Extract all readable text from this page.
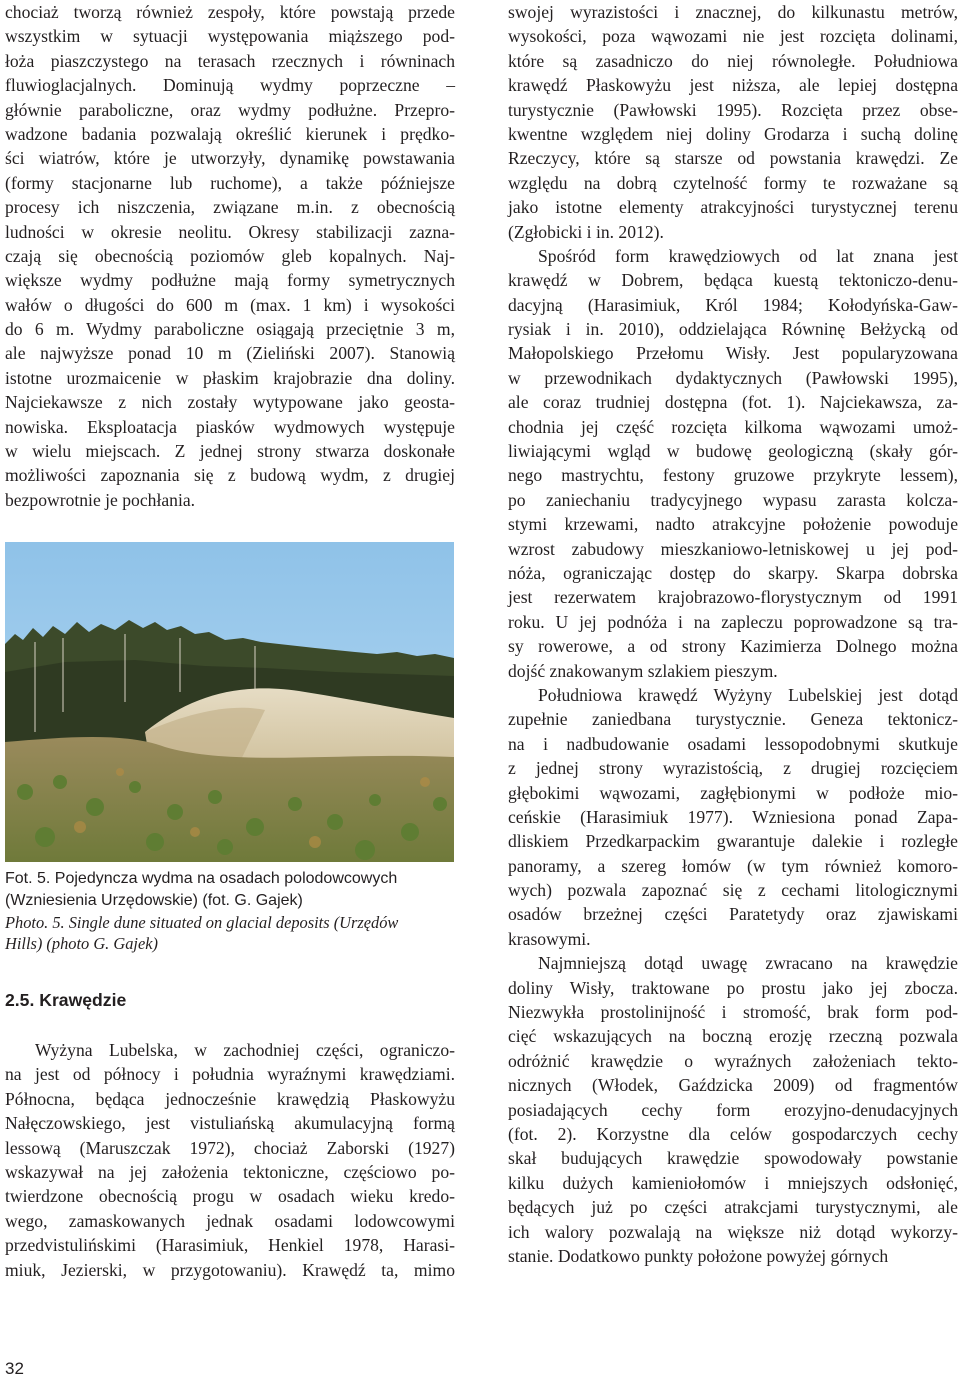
chociaż tworzą również zespoły, które powstają przede
wszystkim w sytuacji występowania miąższego pod-
łoża piaszczystego na terasach rzecznych i równinach
fluwioglacjalnych. Dominują wydmy poprzeczne –
głównie paraboliczne, oraz wydmy podłużne. Przepro-
wadzone badania pozwalają określić kierunek i prędko-
ści wiatrów, które je utworzyły, dynamikę powstawania
(formy stacjonarne lub ruchome), a także późniejsze
procesy ich niszczenia, związane m.in. z obecnością
ludności w okresie neolitu. Okresy stabilizacji zazna-
czają się obecnością poziomów gleb kopalnych. Naj-
większe wydmy podłużne mają formy symetrycznych
wałów o długości do 600 m (max. 1 km) i wysokości
do 6 m. Wydmy paraboliczne osiągają przeciętnie 3 m,
ale najwyższe ponad 10 m (Zieliński 2007). Stanowią
istotne urozmaicenie w płaskim krajobrazie dna doliny.
Najciekawsze z nich zostały wytypowane jako geosta-
nowiska. Eksploatacja piasków wydmowych występuje
w wielu miejscach. Z jednej strony stwarza doskonałe
możliwości zapoznania się z budową wydm, z drugiej
bezpowrotnie je pochłania.
Fot. 5. Pojedyncza wydma na osadach polodowcowych
(Wzniesienia Urzędowskie) (fot. G. Gajek)
Photo. 5. Single dune situated on glacial deposits (Urzędów
Hills) (photo G. Gajek)
2.5. Krawędzie
Wyżyna Lubelska, w zachodniej części, ograniczo-
na jest od północy i południa wyraźnymi krawędziami.
Północna, będąca jednocześnie krawędzią Płaskowyżu
Nałęczowskiego, jest vistuliańską akumulacyjną formą
lessową (Maruszczak 1972), chociaż Zaborski (1927)
wskazywał na jej założenia tektoniczne, częściowo po-
twierdzone obecnością progu w osadach wieku kredo-
wego, zamaskowanych jednak osadami lodowcowymi
przedvistulińskimi (Harasimiuk, Henkiel 1978, Harasi-
miuk, Jezierski, w przygotowaniu). Krawędź ta, mimo
swojej wyrazistości i znacznej, do kilkunastu metrów,
wysokości, poza wąwozami nie jest rozcięta dolinami,
które są zasadniczo do niej równoległe. Południowa
krawędź Płaskowyżu jest niższa, ale lepiej dostępna
turystycznie (Pawłowski 1995). Rozcięta przez obse-
kwentne względem niej doliny Grodarza i suchą dolinę
Rzeczycy, które są starsze od powstania krawędzi. Ze
względu na dobrą czytelność formy te rozważane są
jako istotne elementy atrakcyjności turystycznej terenu
(Zgłobicki i in. 2012).
Spośród form krawędziowych od lat znana jest
krawędź w Dobrem, będąca kuestą tektoniczo-denu-
dacyjną (Harasimiuk, Król 1984; Kołodyńska-Gaw-
rysiak i in. 2010), oddzielająca Równinę Bełżycką od
Małopolskiego Przełomu Wisły. Jest popularyzowana
w przewodnikach dydaktycznych (Pawłowski 1995),
ale coraz trudniej dostępna (fot. 1). Najciekawsza, za-
chodnia jej część rozcięta kilkoma wąwozami umoż-
liwiającymi wgląd w budowę geologiczną (skały gór-
nego mastrychtu, festony gruzowe przykryte lessem),
po zaniechaniu tradycyjnego wypasu zarasta kolcza-
stymi krzewami, nadto atrakcyjne położenie powoduje
wzrost zabudowy mieszkaniowo-letniskowej u jej pod-
nóża, ograniczając dostęp do skarpy. Skarpa dobrska
jest rezerwatem krajobrazowo-florystycznym od 1991
roku. U jej podnóża i na zapleczu poprowadzone są tra-
sy rowerowe, a od strony Kazimierza Dolnego można
dojść znakowanym szlakiem pieszym.
Południowa krawędź Wyżyny Lubelskiej jest dotąd
zupełnie zaniedbana turystycznie. Geneza tektonicz-
na i nadbudowanie osadami lessopodobnymi skutkuje
z jednej strony wyrazistością, z drugiej rozcięciem
głębokimi wąwozami, zagłębionymi w podłoże mio-
ceńskie (Harasimiuk 1977). Wzniesiona ponad Zapa-
dliskiem Przedkarpackim gwarantuje dalekie i rozległe
panoramy, a szereg łomów (w tym również komoro-
wych) pozwala zapoznać się z cechami litologicznymi
osadów brzeżnej części Paratetydy oraz zjawiskami
krasowymi.
Najmniejszą dotąd uwagę zwracano na krawędzie
doliny Wisły, traktowane po prostu jako jej zbocza.
Niezwykła prostolinijność i stromość, brak form pod-
cięć wskazujących na boczną erozję rzeczną pozwala
odróżnić krawędzie o wyraźnych założeniach tekto-
nicznych (Włodek, Gaździcka 2009) od fragmentów
posiadających cechy form erozyjno-denudacyjnych
(fot. 2). Korzystne dla celów gospodarczych cechy
skał budujących krawędzie spowodowały powstanie
kilku dużych kamieniołomów i mniejszych odsłonięć,
będących już po części atrakcjami turystycznymi, ale
ich walory pozwalają na większe niż dotąd wykorzy-
stanie. Dodatkowo punkty położone powyżej górnych
32
